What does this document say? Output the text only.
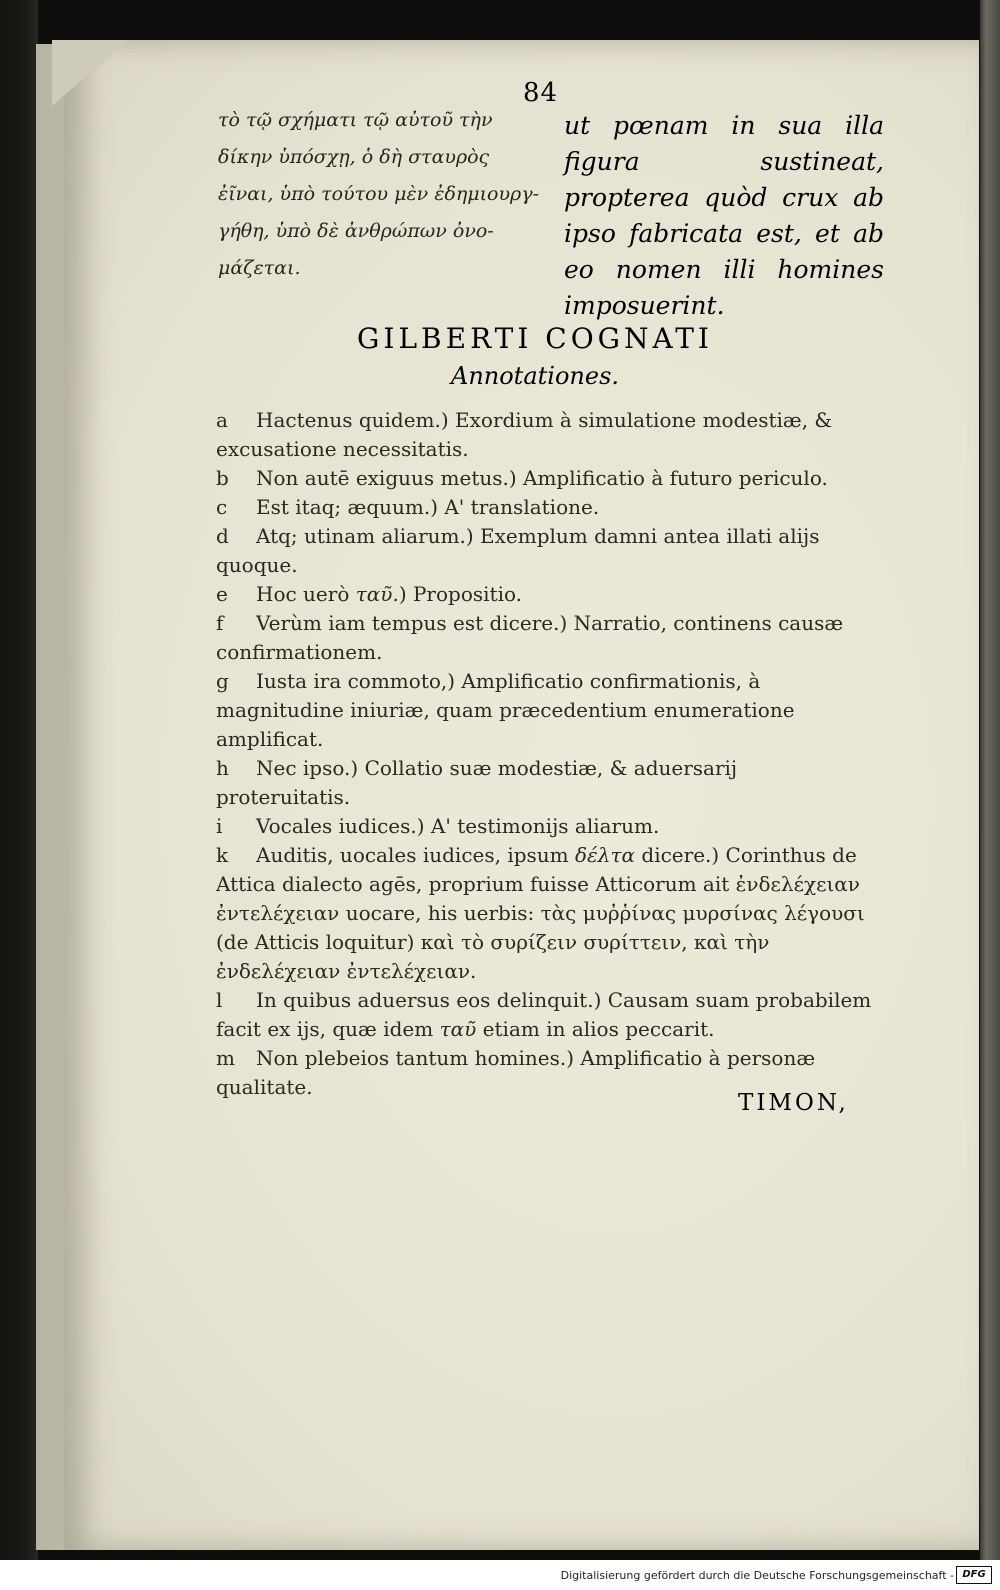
84
τὸ τῷ σχήματι τῷ αὐτοῦ τὴν
δίκην ὑπόσχῃ, ὁ δὴ σταυρὸς
ἐῖναι, ὑπὸ τούτου μὲν ἐδημιουργ-
γήθη, ὑπὸ δὲ ἀνθρώπων ὀνο-
μάζεται.
ut pœnam in sua illa figura sustineat, propterea quòd crux ab ipso fabricata est, et ab eo nomen illi homines imposuerint.
GILBERTI COGNATI
Annotationes.

a Hactenus quidem.) Exordium à simulatione modestiæ, & excusatione necessitatis.

b Non autē exiguus metus.) Amplificatio à futuro periculo.

c Est itaq; æquum.) A' translatione.

d Atq; utinam aliarum.) Exemplum damni antea illati alijs quoque.

e Hoc uerò ταῦ.) Propositio.

f Verùm iam tempus est dicere.) Narratio, continens causæ confirmationem.

g Iusta ira commoto,) Amplificatio confirmationis, à magnitudine iniuriæ, quam præcedentium enumeratione amplificat.

h Nec ipso.) Collatio suæ modestiæ, & aduersarij proteruitatis.

i Vocales iudices.) A' testimonijs aliarum.

k Auditis, uocales iudices, ipsum δέλτα dicere.) Corinthus de Attica dialecto agēs, proprium fuisse Atticorum ait ἐνδελέχειαν ἐντελέχειαν uocare, his uerbis: τὰς μυῤῥίνας μυρσίνας λέγουσι (de Atticis loquitur) καὶ τὸ συρίζειν συρίττειν, καὶ τὴν ἐνδελέχειαν ἐντελέχειαν.

l In quibus aduersus eos delinquit.) Causam suam probabilem facit ex ijs, quæ idem ταῦ etiam in alios peccarit.

m Non plebeios tantum homines.) Amplificatio à personæ qualitate.

TIMON,
Digitalisierung gefördert durch die Deutsche Forschungsgemeinschaft - DFG
